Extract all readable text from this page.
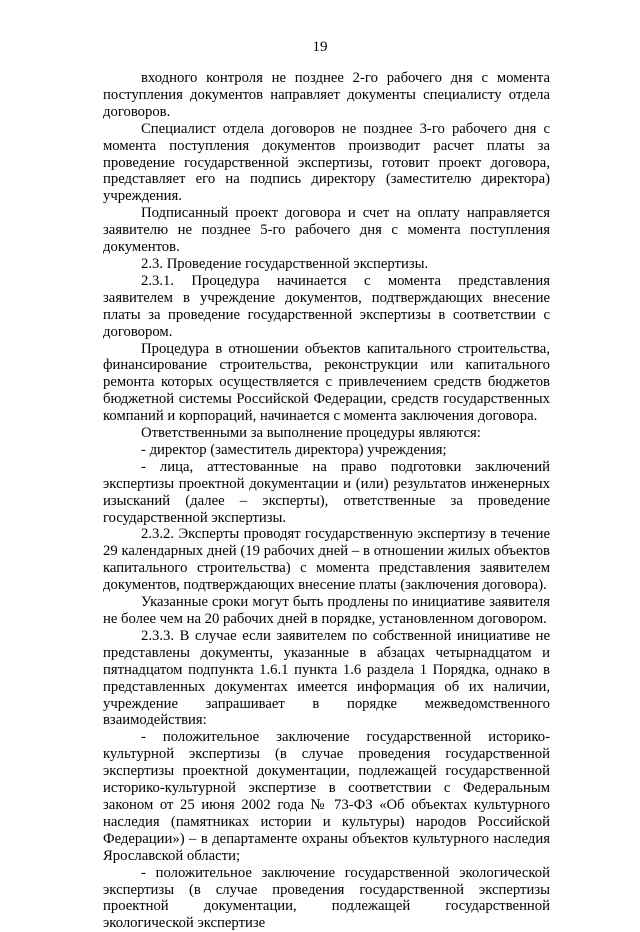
19

входного контроля не позднее 2-го рабочего дня с момента поступления документов направляет документы специалисту отдела договоров.

Специалист отдела договоров не позднее 3-го рабочего дня с момента поступления документов производит расчет платы за проведение государственной экспертизы, готовит проект договора, представляет его на подпись директору (заместителю директора) учреждения.

Подписанный проект договора и счет на оплату направляется заявителю не позднее 5-го рабочего дня с момента поступления документов.

2.3. Проведение государственной экспертизы.

2.3.1. Процедура начинается с момента представления заявителем в учреждение документов, подтверждающих внесение платы за проведение государственной экспертизы в соответствии с договором.

Процедура в отношении объектов капитального строительства, финансирование строительства, реконструкции или капитального ремонта которых осуществляется с привлечением средств бюджетов бюджетной системы Российской Федерации, средств государственных компаний и корпораций, начинается с момента заключения договора.

Ответственными за выполнение процедуры являются:

- директор (заместитель директора) учреждения;

- лица, аттестованные на право подготовки заключений экспертизы проектной документации и (или) результатов инженерных изысканий (далее – эксперты), ответственные за проведение государственной экспертизы.

2.3.2. Эксперты проводят государственную экспертизу в течение 29 календарных дней (19 рабочих дней – в отношении жилых объектов капитального строительства) с момента представления заявителем документов, подтверждающих внесение платы (заключения договора).

Указанные сроки могут быть продлены по инициативе заявителя не более чем на 20 рабочих дней в порядке, установленном договором.

2.3.3. В случае если заявителем по собственной инициативе не представлены документы, указанные в абзацах четырнадцатом и пятнадцатом подпункта 1.6.1 пункта 1.6 раздела 1 Порядка, однако в представленных документах имеется информация об их наличии, учреждение запрашивает в порядке межведомственного взаимодействия:

- положительное заключение государственной историко-культурной экспертизы (в случае проведения государственной экспертизы проектной документации, подлежащей государственной историко-культурной экспертизе в соответствии с Федеральным законом от 25 июня 2002 года № 73-ФЗ «Об объектах культурного наследия (памятниках истории и культуры) народов Российской Федерации») – в департаменте охраны объектов культурного наследия Ярославской области;

- положительное заключение государственной экологической экспертизы (в случае проведения государственной экспертизы проектной документации, подлежащей государственной экологической экспертизе
